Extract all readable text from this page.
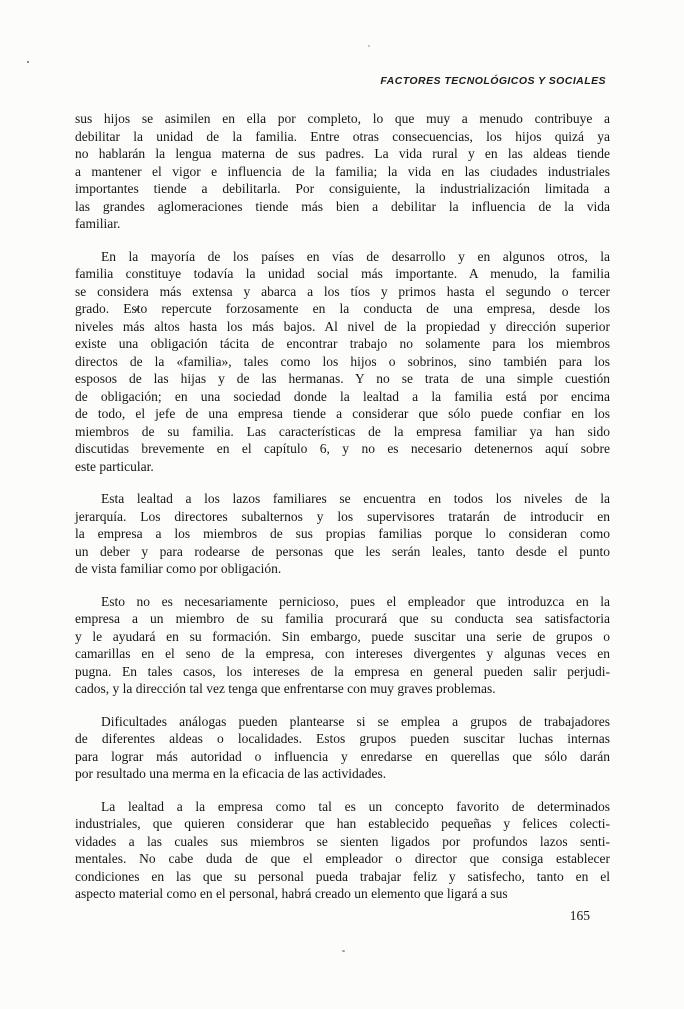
FACTORES TECNOLÓGICOS Y SOCIALES
sus hijos se asimilen en ella por completo, lo que muy a menudo contribuye a
debilitar la unidad de la familia. Entre otras consecuencias, los hijos quizá ya
no hablarán la lengua materna de sus padres. La vida rural y en las aldeas tiende
a mantener el vigor e influencia de la familia; la vida en las ciudades industriales
importantes tiende a debilitarla. Por consiguiente, la industrialización limitada a
las grandes aglomeraciones tiende más bien a debilitar la influencia de la vida
familiar.
En la mayoría de los países en vías de desarrollo y en algunos otros, la
familia constituye todavía la unidad social más importante. A menudo, la familia
se considera más extensa y abarca a los tíos y primos hasta el segundo o tercer
grado. Esto repercute forzosamente en la conducta de una empresa, desde los
niveles más altos hasta los más bajos. Al nivel de la propiedad y dirección superior
existe una obligación tácita de encontrar trabajo no solamente para los miembros
directos de la «familia», tales como los hijos o sobrinos, sino también para los
esposos de las hijas y de las hermanas. Y no se trata de una simple cuestión
de obligación; en una sociedad donde la lealtad a la familia está por encima
de todo, el jefe de una empresa tiende a considerar que sólo puede confiar en los
miembros de su familia. Las características de la empresa familiar ya han sido
discutidas brevemente en el capítulo 6, y no es necesario detenernos aquí sobre
este particular.
Esta lealtad a los lazos familiares se encuentra en todos los niveles de la
jerarquía. Los directores subalternos y los supervisores tratarán de introducir en
la empresa a los miembros de sus propias familias porque lo consideran como
un deber y para rodearse de personas que les serán leales, tanto desde el punto
de vista familiar como por obligación.
Esto no es necesariamente pernicioso, pues el empleador que introduzca en la
empresa a un miembro de su familia procurará que su conducta sea satisfactoria
y le ayudará en su formación. Sin embargo, puede suscitar una serie de grupos o
camarillas en el seno de la empresa, con intereses divergentes y algunas veces en
pugna. En tales casos, los intereses de la empresa en general pueden salir perjudi-
cados, y la dirección tal vez tenga que enfrentarse con muy graves problemas.
Dificultades análogas pueden plantearse si se emplea a grupos de trabajadores
de diferentes aldeas o localidades. Estos grupos pueden suscitar luchas internas
para lograr más autoridad o influencia y enredarse en querellas que sólo darán
por resultado una merma en la eficacia de las actividades.
La lealtad a la empresa como tal es un concepto favorito de determinados
industriales, que quieren considerar que han establecido pequeñas y felices colecti-
vidades a las cuales sus miembros se sienten ligados por profundos lazos senti-
mentales. No cabe duda de que el empleador o director que consiga establecer
condiciones en las que su personal pueda trabajar feliz y satisfecho, tanto en el
aspecto material como en el personal, habrá creado un elemento que ligará a sus
165
